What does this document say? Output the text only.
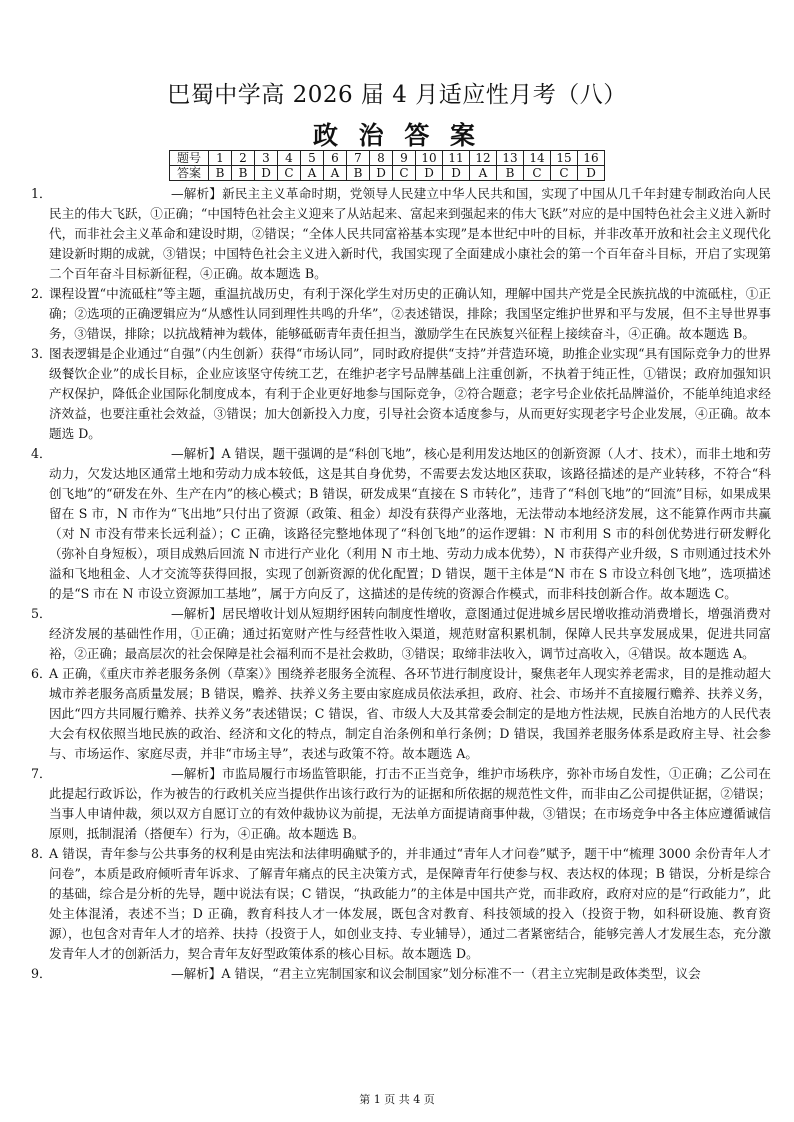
巴蜀中学高 2026 届 4 月适应性月考（八）
政 治 答 案
题号	1	2	3	4	5	6	7	8	9	10	11	12	13	14	15	16
答案	B	B	D	C	A	A	B	D	C	D	D	A	B	C	C	D

1．	—解析】新民主主义革命时期，党领导人民建立中华人民共和国，实现了中国从几千年封建专制政治向人民民主的伟大飞跃，①正确；“中国特色社会主义迎来了从站起来、富起来到强起来的伟大飞跃”对应的是中国特色社会主义进入新时代，而非社会主义革命和建设时期，②错误；“全体人民共同富裕基本实现”是本世纪中叶的目标，并非改革开放和社会主义现代化建设新时期的成就，③错误；中国特色社会主义进入新时代，我国实现了全面建成小康社会的第一个百年奋斗目标，开启了实现第二个百年奋斗目标新征程，④正确。故本题选 B。

2．
课程设置“中流砥柱”等主题，重温抗战历史，有利于深化学生对历史的正确认知，理解中国共产党是全民族抗战的中流砥柱，①正确；②选项的正确逻辑应为“从感性认同到理性共鸣的升华”，②表述错误，排除；我国坚定维护世界和平与发展，但不主导世界事务，③错误，排除；以抗战精神为载体，能够砥砺青年责任担当，激励学生在民族复兴征程上接续奋斗，④正确。故本题选 B。

3．
图表逻辑是企业通过“自强”（内生创新）获得“市场认同”，同时政府提供“支持”并营造环境，助推企业实现“具有国际竞争力的世界级餐饮企业”的成长目标，企业应该坚守传统工艺，在维护老字号品牌基础上注重创新，不执着于纯正性，①错误；政府加强知识产权保护，降低企业国际化制度成本，有利于企业更好地参与国际竞争，②符合题意；老字号企业依托品牌溢价，不能单纯追求经济效益，也要注重社会效益，③错误；加大创新投入力度，引导社会资本适度参与，从而更好实现老字号企业发展，④正确。故本题选 D。

4．	—解析】A 错误，题干强调的是“科创飞地”，核心是利用发达地区的创新资源（人才、技术），而非土地和劳动力，欠发达地区通常土地和劳动力成本较低，这是其自身优势，不需要去发达地区获取，该路径描述的是产业转移，不符合“科创飞地”的“研发在外、生产在内”的核心模式；B 错误，研发成果“直接在 S 市转化”，违背了“科创飞地”的“回流”目标，如果成果留在 S 市，N 市作为“飞出地”只付出了资源（政策、租金）却没有获得产业落地，无法带动本地经济发展，这不能算作两市共赢（对 N 市没有带来长远利益）；C 正确，该路径完整地体现了“科创飞地”的运作逻辑：N 市利用 S 市的科创优势进行研发孵化（弥补自身短板），项目成熟后回流 N 市进行产业化（利用 N 市土地、劳动力成本优势），N 市获得产业升级，S 市则通过技术外溢和飞地租金、人才交流等获得回报，实现了创新资源的优化配置；D 错误，题干主体是“N 市在 S 市设立科创飞地”，选项描述的是“S 市在 N 市设立资源加工基地”，属于方向反了，这描述的是传统的资源合作模式，而非科技创新合作。故本题选 C。

5．	—解析】居民增收计划从短期纾困转向制度性增收，意图通过促进城乡居民增收推动消费增长，增强消费对经济发展的基础性作用，①正确；通过拓宽财产性与经营性收入渠道，规范财富积累机制，保障人民共享发展成果，促进共同富裕，②正确；最高层次的社会保障是社会福利而不是社会救助，③错误；取缔非法收入，调节过高收入，④错误。故本题选 A。

6．
A 正确，《重庆市养老服务条例（草案）》围绕养老服务全流程、各环节进行制度设计，聚焦老年人现实养老需求，目的是推动超大城市养老服务高质量发展；B 错误，赡养、扶养义务主要由家庭成员依法承担，政府、社会、市场并不直接履行赡养、扶养义务，因此“四方共同履行赡养、扶养义务”表述错误；C 错误，省、市级人大及其常委会制定的是地方性法规，民族自治地方的人民代表大会有权依照当地民族的政治、经济和文化的特点，制定自治条例和单行条例；D 错误，我国养老服务体系是政府主导、社会参与、市场运作、家庭尽责，并非“市场主导”，表述与政策不符。故本题选 A。

7．	—解析】市监局履行市场监管职能，打击不正当竞争，维护市场秩序，弥补市场自发性，①正确；乙公司在此提起行政诉讼，作为被告的行政机关应当提供作出该行政行为的证据和所依据的规范性文件，而非由乙公司提供证据，②错误；当事人申请仲裁，须以双方自愿订立的有效仲裁协议为前提，无法单方面提请商事仲裁，③错误；在市场竞争中各主体应遵循诚信原则，抵制混淆（搭便车）行为，④正确。故本题选 B。

8．
A 错误，青年参与公共事务的权利是由宪法和法律明确赋予的，并非通过“青年人才问卷”赋予，题干中“梳理 3000 余份青年人才问卷”，本质是政府倾听青年诉求、了解青年痛点的民主决策方式，是保障青年行使参与权、表达权的体现；B 错误，分析是综合的基础，综合是分析的先导，题中说法有误；C 错误，“执政能力”的主体是中国共产党，而非政府，政府对应的是“行政能力”，此处主体混淆，表述不当；D 正确，教育科技人才一体发展，既包含对教育、科技领域的投入（投资于物，如科研设施、教育资源），也包含对青年人才的培养、扶持（投资于人，如创业支持、专业辅导），通过二者紧密结合，能够完善人才发展生态，充分激发青年人才的创新活力，契合青年友好型政策体系的核心目标。故本题选 D。

9．	—解析】A 错误，“君主立宪制国家和议会制国家”划分标准不一（君主立宪制是政体类型，议会

第 1 页 共 4 页
